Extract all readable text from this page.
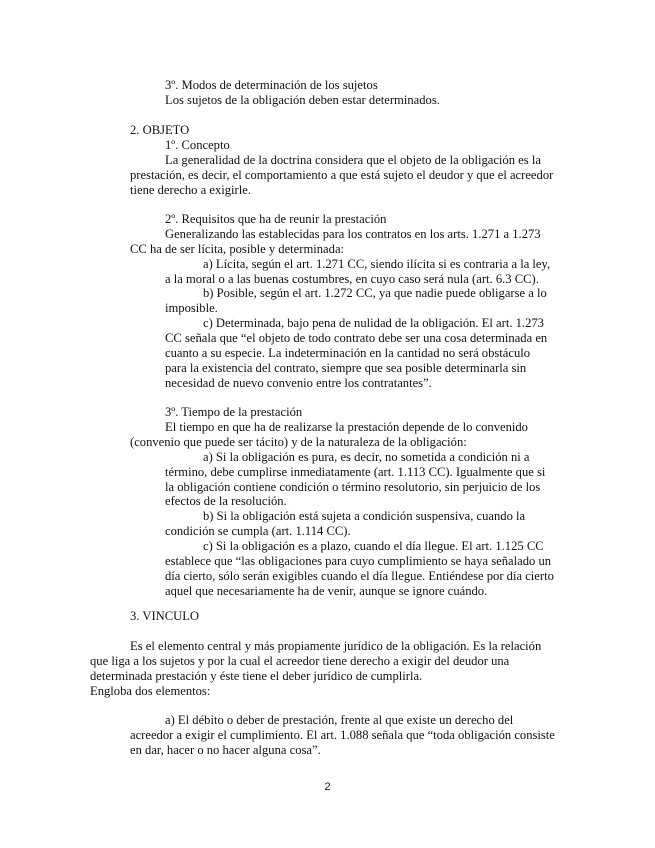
3º. Modos de determinación de los sujetos
Los sujetos de la obligación deben estar determinados.
2. OBJETO
1º. Concepto
La generalidad de la doctrina considera que el objeto de la obligación es la
prestación, es decir, el comportamiento a que está sujeto el deudor y que el acreedor
tiene derecho a exigirle.
2º. Requisitos que ha de reunir la prestación
Generalizando las establecidas para los contratos en los arts. 1.271 a 1.273
CC ha de ser lícita, posible y determinada:
a) Lícita, según el art. 1.271 CC, siendo ilícita si es contraria a la ley,
a la moral o a las buenas costumbres, en cuyo caso será nula (art. 6.3 CC).
b) Posible, según el art. 1.272 CC, ya que nadie puede obligarse a lo
imposible.
c) Determinada, bajo pena de nulidad de la obligación. El art. 1.273
CC señala que “el objeto de todo contrato debe ser una cosa determinada en
cuanto a su especie. La indeterminación en la cantidad no será obstáculo
para la existencia del contrato, siempre que sea posible determinarla sin
necesidad de nuevo convenio entre los contratantes”.
3º. Tiempo de la prestación
El tiempo en que ha de realizarse la prestación depende de lo convenido
(convenio que puede ser tácito) y de la naturaleza de la obligación:
a) Si la obligación es pura, es decir, no sometida a condición ni a
término, debe cumplirse inmediatamente (art. 1.113 CC). Igualmente que si
la obligación contiene condición o término resolutorio, sin perjuicio de los
efectos de la resolución.
b) Si la obligación está sujeta a condición suspensiva, cuando la
condición se cumpla (art. 1.114 CC).
c) Si la obligación es a plazo, cuando el día llegue. El art. 1.125 CC
establece que “las obligaciones para cuyo cumplimiento se haya señalado un
día cierto, sólo serán exigibles cuando el día llegue. Entiéndese por día cierto
aquel que necesariamente ha de venir, aunque se ignore cuándo.
3. VINCULO
Es el elemento central y más propiamente jurídico de la obligación. Es la relación
que liga a los sujetos y por la cual el acreedor tiene derecho a exigir del deudor una
determinada prestación y éste tiene el deber jurídico de cumplirla.
Engloba dos elementos:
a) El débito o deber de prestación, frente al que existe un derecho del
acreedor a exigir el cumplimiento. El art. 1.088 señala que “toda obligación consiste
en dar, hacer o no hacer alguna cosa”.
2
